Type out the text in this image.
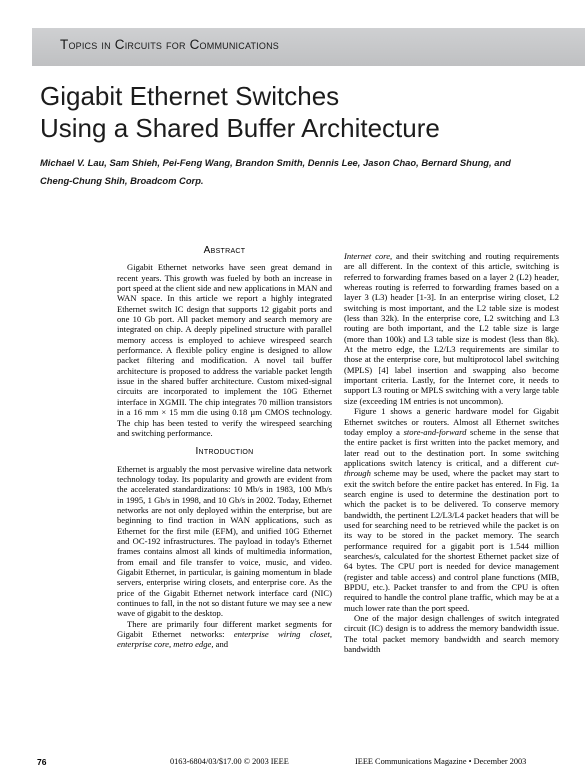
Topics in Circuits for Communications
Gigabit Ethernet Switches
Using a Shared Buffer Architecture
Michael V. Lau, Sam Shieh, Pei-Feng Wang, Brandon Smith, Dennis Lee, Jason Chao, Bernard Shung, and
Cheng-Chung Shih, Broadcom Corp.
Abstract

Gigabit Ethernet networks have seen great demand in recent years. This growth was fueled by both an increase in port speed at the client side and new applications in MAN and WAN space. In this article we report a highly integrated Ethernet switch IC design that supports 12 gigabit ports and one 10 Gb port. All packet memory and search memory are integrated on chip. A deeply pipelined structure with parallel memory access is employed to achieve wirespeed search performance. A flexible policy engine is designed to allow packet filtering and modification. A novel tail buffer architecture is proposed to address the variable packet length issue in the shared buffer architecture. Custom mixed-signal circuits are incorporated to implement the 10G Ethernet interface in XGMII. The chip integrates 70 million transistors in a 16 mm × 15 mm die using 0.18 µm CMOS technology. The chip has been tested to verify the wirespeed searching and switching performance.

Introduction

Ethernet is arguably the most pervasive wireline data network technology today. Its popularity and growth are evident from the accelerated standardizations: 10 Mb/s in 1983, 100 Mb/s in 1995, 1 Gb/s in 1998, and 10 Gb/s in 2002. Today, Ethernet networks are not only deployed within the enterprise, but are beginning to find traction in WAN applications, such as Ethernet for the first mile (EFM), and unified 10G Ethernet and OC-192 infrastructures. The payload in today's Ethernet frames contains almost all kinds of multimedia information, from email and file transfer to voice, music, and video. Gigabit Ethernet, in particular, is gaining momentum in blade servers, enterprise wiring closets, and enterprise core. As the price of the Gigabit Ethernet network interface card (NIC) continues to fall, in the not so distant future we may see a new wave of gigabit to the desktop.

There are primarily four different market segments for Gigabit Ethernet networks: enterprise wiring closet, enterprise core, metro edge, and

Internet core, and their switching and routing requirements are all different. In the context of this article, switching is referred to forwarding frames based on a layer 2 (L2) header, whereas routing is referred to forwarding frames based on a layer 3 (L3) header [1-3]. In an enterprise wiring closet, L2 switching is most important, and the L2 table size is modest (less than 32k). In the enterprise core, L2 switching and L3 routing are both important, and the L2 table size is large (more than 100k) and L3 table size is modest (less than 8k). At the metro edge, the L2/L3 requirements are similar to those at the enterprise core, but multiprotocol label switching (MPLS) [4] label insertion and swapping also become important criteria. Lastly, for the Internet core, it needs to support L3 routing or MPLS switching with a very large table size (exceeding 1M entries is not uncommon).

Figure 1 shows a generic hardware model for Gigabit Ethernet switches or routers. Almost all Ethernet switches today employ a store-and-forward scheme in the sense that the entire packet is first written into the packet memory, and later read out to the destination port. In some switching applications switch latency is critical, and a different cut-through scheme may be used, where the packet may start to exit the switch before the entire packet has entered. In Fig. 1a search engine is used to determine the destination port to which the packet is to be delivered. To conserve memory bandwidth, the pertinent L2/L3/L4 packet headers that will be used for searching need to be retrieved while the packet is on its way to be stored in the packet memory. The search performance required for a gigabit port is 1.544 million searches/s, calculated for the shortest Ethernet packet size of 64 bytes. The CPU port is needed for device management (register and table access) and control plane functions (MIB, BPDU, etc.). Packet transfer to and from the CPU is often required to handle the control plane traffic, which may be at a much lower rate than the port speed.

One of the major design challenges of switch integrated circuit (IC) design is to address the memory bandwidth issue. The total packet memory bandwidth and search memory bandwidth

76	0163-6804/03/$17.00 © 2003 IEEE	IEEE Communications Magazine • December 2003
